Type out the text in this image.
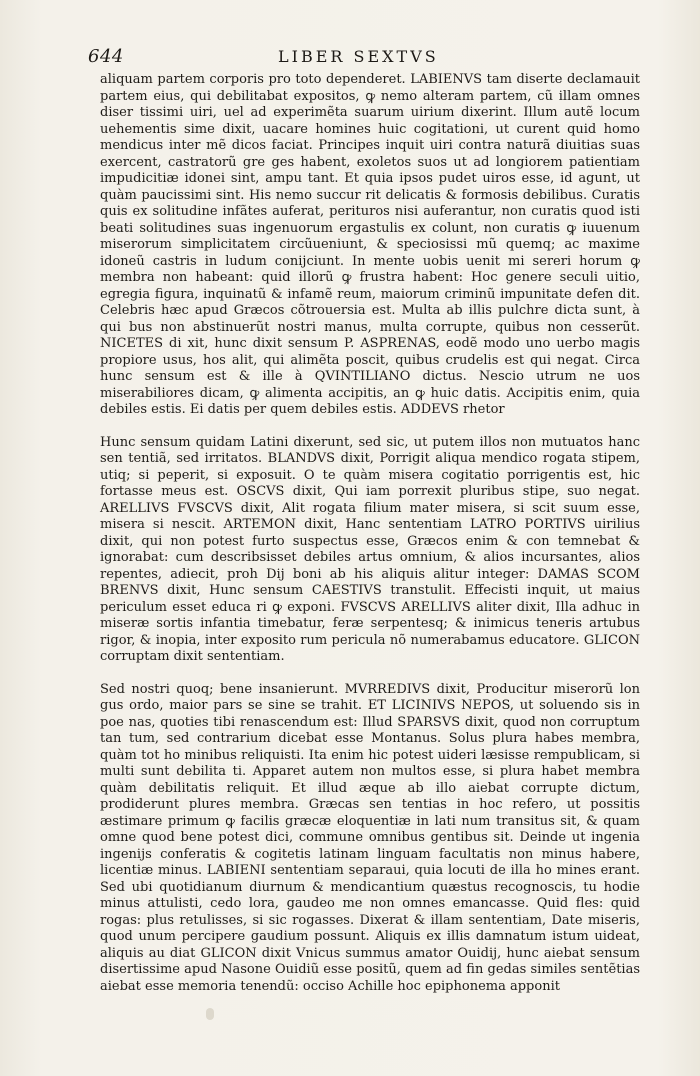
644	LIBER SEXTVS

aliquam partem corporis pro toto dependeret. LABIENVS tam diserte declamauit partem eius, qui debilitabat expositos, ꝙ nemo alteram partem, cũ illam omnes diser tissimi uiri, uel ad experimẽta suarum uirium dixerint. Illum autẽ locum uehementis sime dixit, uacare homines huic cogitationi, ut curent quid homo mendicus inter mẽ dicos faciat. Principes inquit uiri contra naturã diuitias suas exercent, castratorũ gre ges habent, exoletos suos ut ad longiorem patientiam impudicitiæ idonei sint, ampu tant. Et quia ipsos pudet uiros esse, id agunt, ut quàm paucissimi sint. His nemo succur rit delicatis & formosis debilibus. Curatis quis ex solitudine infãtes auferat, perituros nisi auferantur, non curatis quod isti beati solitudines suas ingenuorum ergastulis ex colunt, non curatis ꝙ iuuenum miserorum simplicitatem circũueniunt, & speciosissi mũ quemq; ac maxime idoneũ castris in ludum conijciunt. In mente uobis uenit mi sereri horum ꝙ membra non habeant: quid illorũ ꝙ frustra habent: Hoc genere seculi uitio, egregia figura, inquinatũ & infamẽ reum, maiorum criminũ impunitate defen dit. Celebris hæc apud Græcos cõtrouersia est. Multa ab illis pulchre dicta sunt, à qui bus non abstinuerũt nostri manus, multa corrupte, quibus non cesserũt. NICETES di xit, hunc dixit sensum P. ASPRENAS, eodẽ modo uno uerbo magis propiore usus, hos alit, qui alimẽta poscit, quibus crudelis est qui negat. Circa hunc sensum est & ille à QVINTILIANO dictus. Nescio utrum ne uos miserabiliores dicam, ꝙ alimenta accipitis, an ꝙ huic datis. Accipitis enim, quia debiles estis. Ei datis per quem debiles estis. ADDEVS rhetor

Hunc sensum quidam Latini dixerunt, sed sic, ut putem illos non mutuatos hanc sen tentiã, sed irritatos. BLANDVS dixit, Porrigit aliqua mendico rogata stipem, utiq; si peperit, si exposuit. O te quàm misera cogitatio porrigentis est, hic fortasse meus est. OSCVS dixit, Qui iam porrexit pluribus stipe, suo negat. ARELLIVS FVSCVS dixit, Alit rogata filium mater misera, si scit suum esse, misera si nescit. ARTEMON dixit, Hanc sententiam LATRO PORTIVS uirilius dixit, qui non potest furto suspectus esse, Græcos enim & con temnebat & ignorabat: cum describsisset debiles artus omnium, & alios incursantes, alios repentes, adiecit, proh Dij boni ab his aliquis alitur integer: DAMAS SCOM BRENVS dixit, Hunc sensum CAESTIVS transtulit. Effecisti inquit, ut maius periculum esset educa ri ꝙ exponi. FVSCVS ARELLIVS aliter dixit, Illa adhuc in miseræ sortis infantia timebatur, feræ serpentesq; & inimicus teneris artubus rigor, & inopia, inter exposito rum pericula nõ numerabamus educatore. GLICON corruptam dixit sententiam.

Sed nostri quoq; bene insanierunt. MVRREDIVS dixit, Producitur miserorũ lon gus ordo, maior pars se sine se trahit. ET LICINIVS NEPOS, ut soluendo sis in poe nas, quoties tibi renascendum est: Illud SPARSVS dixit, quod non corruptum tan tum, sed contrarium dicebat esse Montanus. Solus plura habes membra, quàm tot ho minibus reliquisti. Ita enim hic potest uideri læsisse rempublicam, si multi sunt debilita ti. Apparet autem non multos esse, si plura habet membra quàm debilitatis reliquit. Et illud æque ab illo aiebat corrupte dictum, prodiderunt plures membra. Græcas sen tentias in hoc refero, ut possitis æstimare primum ꝙ facilis græcæ eloquentiæ in lati num transitus sit, & quam omne quod bene potest dici, commune omnibus gentibus sit. Deinde ut ingenia ingenijs conferatis & cogitetis latinam linguam facultatis non minus habere, licentiæ minus. LABIENI sententiam separaui, quia locuti de illa ho mines erant. Sed ubi quotidianum diurnum & mendicantium quæstus recognoscis, tu hodie minus attulisti, cedo lora, gaudeo me non omnes emancasse. Quid fles: quid rogas: plus retulisses, si sic rogasses. Dixerat & illam sententiam, Date miseris, quod unum percipere gaudium possunt. Aliquis ex illis damnatum istum uideat, aliquis au diat GLICON dixit Vnicus summus amator Ouidij, hunc aiebat sensum disertissime apud Nasone Ouidiũ esse positũ, quem ad fin gedas similes sentẽtias aiebat esse memoria tenendũ: occiso Achille hoc epiphonema apponit
